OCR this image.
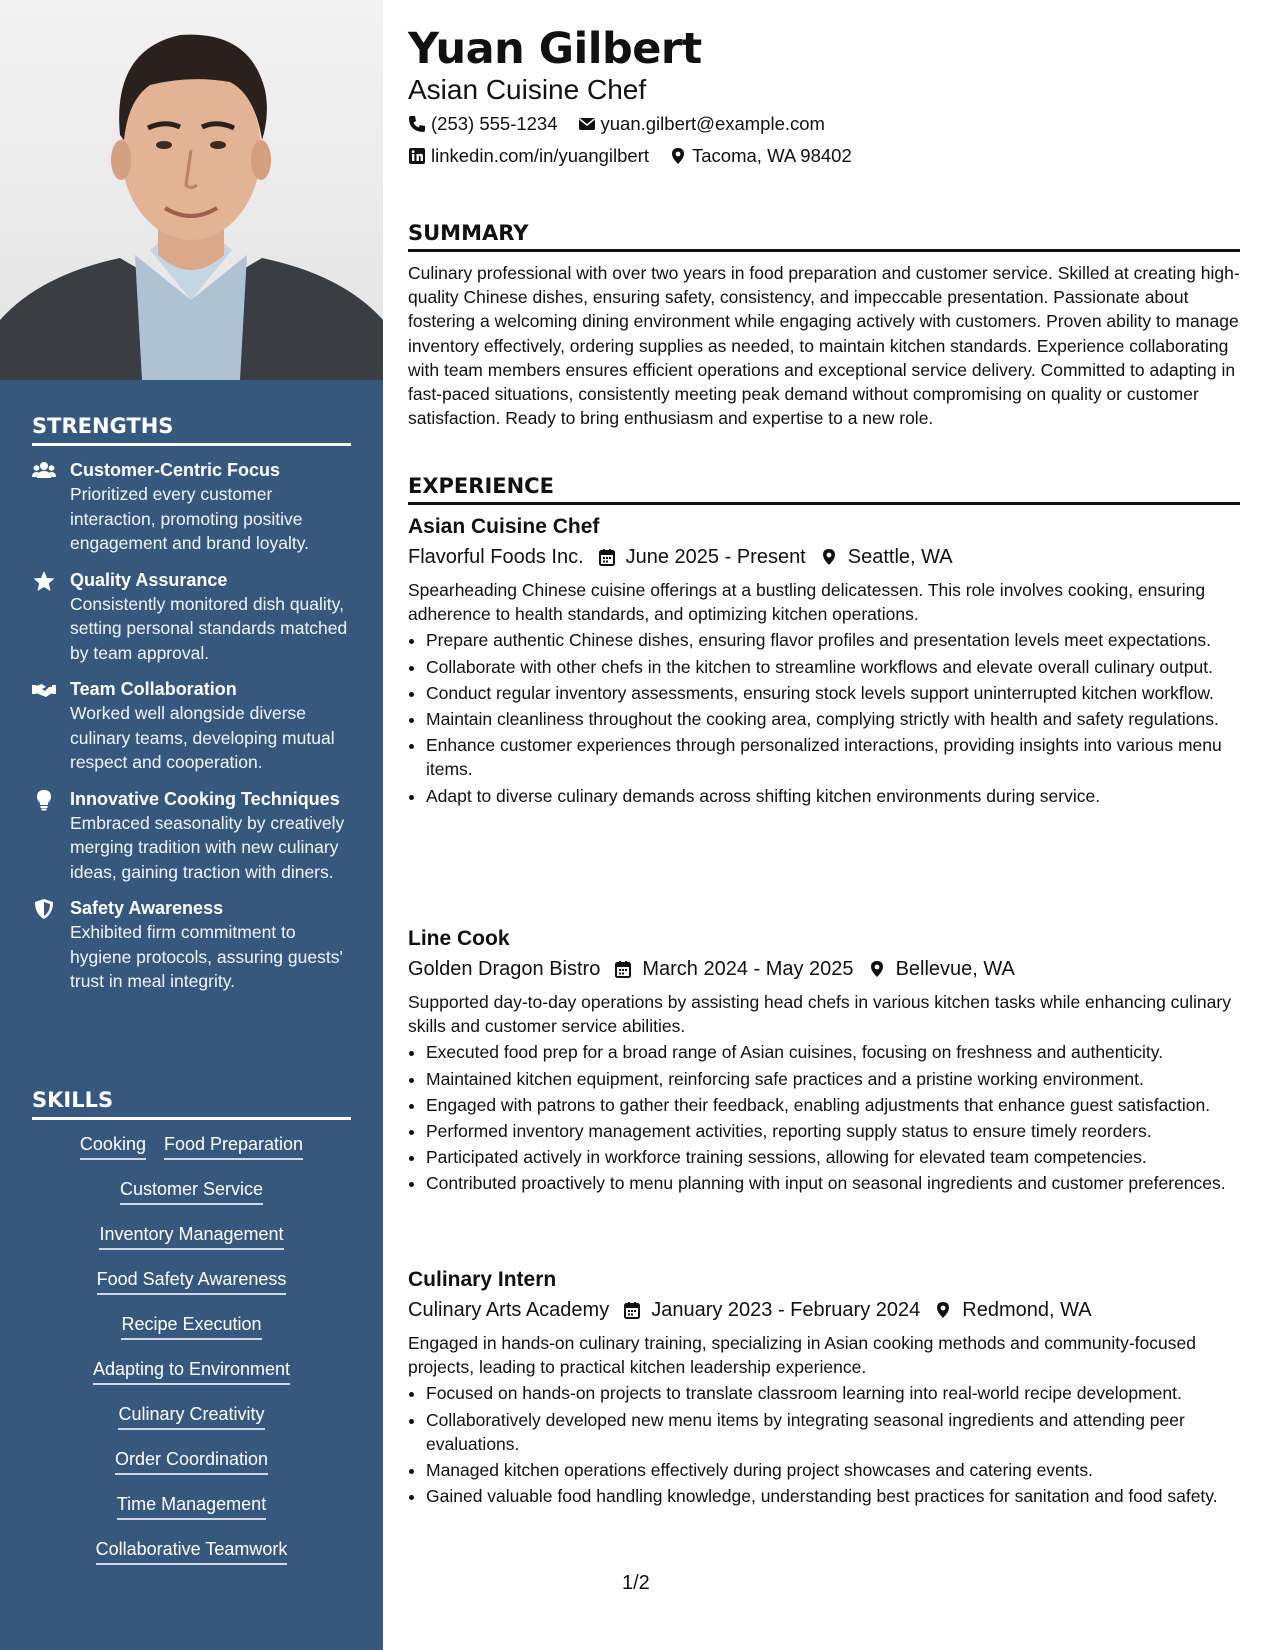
STRENGTHS
Customer-Centric Focus
Prioritized every customer interaction, promoting positive engagement and brand loyalty.
Quality Assurance
Consistently monitored dish quality, setting personal standards matched by team approval.
Team Collaboration
Worked well alongside diverse culinary teams, developing mutual respect and cooperation.
Innovative Cooking Techniques
Embraced seasonality by creatively merging tradition with new culinary ideas, gaining traction with diners.
Safety Awareness
Exhibited firm commitment to hygiene protocols, assuring guests' trust in meal integrity.
SKILLS
Cooking Food Preparation
Customer Service
Inventory Management
Food Safety Awareness
Recipe Execution
Adapting to Environment
Culinary Creativity
Order Coordination
Time Management
Collaborative Teamwork
Yuan Gilbert
Asian Cuisine Chef
(253) 555-1234 yuan.gilbert@example.com
linkedin.com/in/yuangilbert Tacoma, WA 98402
SUMMARY
Culinary professional with over two years in food preparation and customer service. Skilled at creating high-quality Chinese dishes, ensuring safety, consistency, and impeccable presentation. Passionate about fostering a welcoming dining environment while engaging actively with customers. Proven ability to manage inventory effectively, ordering supplies as needed, to maintain kitchen standards. Experience collaborating with team members ensures efficient operations and exceptional service delivery. Committed to adapting in fast-paced situations, consistently meeting peak demand without compromising on quality or customer satisfaction. Ready to bring enthusiasm and expertise to a new role.
EXPERIENCE
Asian Cuisine Chef
Flavorful Foods Inc. June 2025 - Present Seattle, WA
Spearheading Chinese cuisine offerings at a bustling delicatessen. This role involves cooking, ensuring adherence to health standards, and optimizing kitchen operations.
• Prepare authentic Chinese dishes, ensuring flavor profiles and presentation levels meet expectations.
• Collaborate with other chefs in the kitchen to streamline workflows and elevate overall culinary output.
• Conduct regular inventory assessments, ensuring stock levels support uninterrupted kitchen workflow.
• Maintain cleanliness throughout the cooking area, complying strictly with health and safety regulations.
• Enhance customer experiences through personalized interactions, providing insights into various menu items.
• Adapt to diverse culinary demands across shifting kitchen environments during service.
Line Cook
Golden Dragon Bistro March 2024 - May 2025 Bellevue, WA
Supported day-to-day operations by assisting head chefs in various kitchen tasks while enhancing culinary skills and customer service abilities.
• Executed food prep for a broad range of Asian cuisines, focusing on freshness and authenticity.
• Maintained kitchen equipment, reinforcing safe practices and a pristine working environment.
• Engaged with patrons to gather their feedback, enabling adjustments that enhance guest satisfaction.
• Performed inventory management activities, reporting supply status to ensure timely reorders.
• Participated actively in workforce training sessions, allowing for elevated team competencies.
• Contributed proactively to menu planning with input on seasonal ingredients and customer preferences.
Culinary Intern
Culinary Arts Academy January 2023 - February 2024 Redmond, WA
Engaged in hands-on culinary training, specializing in Asian cooking methods and community-focused projects, leading to practical kitchen leadership experience.
• Focused on hands-on projects to translate classroom learning into real-world recipe development.
• Collaboratively developed new menu items by integrating seasonal ingredients and attending peer evaluations.
• Managed kitchen operations effectively during project showcases and catering events.
• Gained valuable food handling knowledge, understanding best practices for sanitation and food safety.
1/2
